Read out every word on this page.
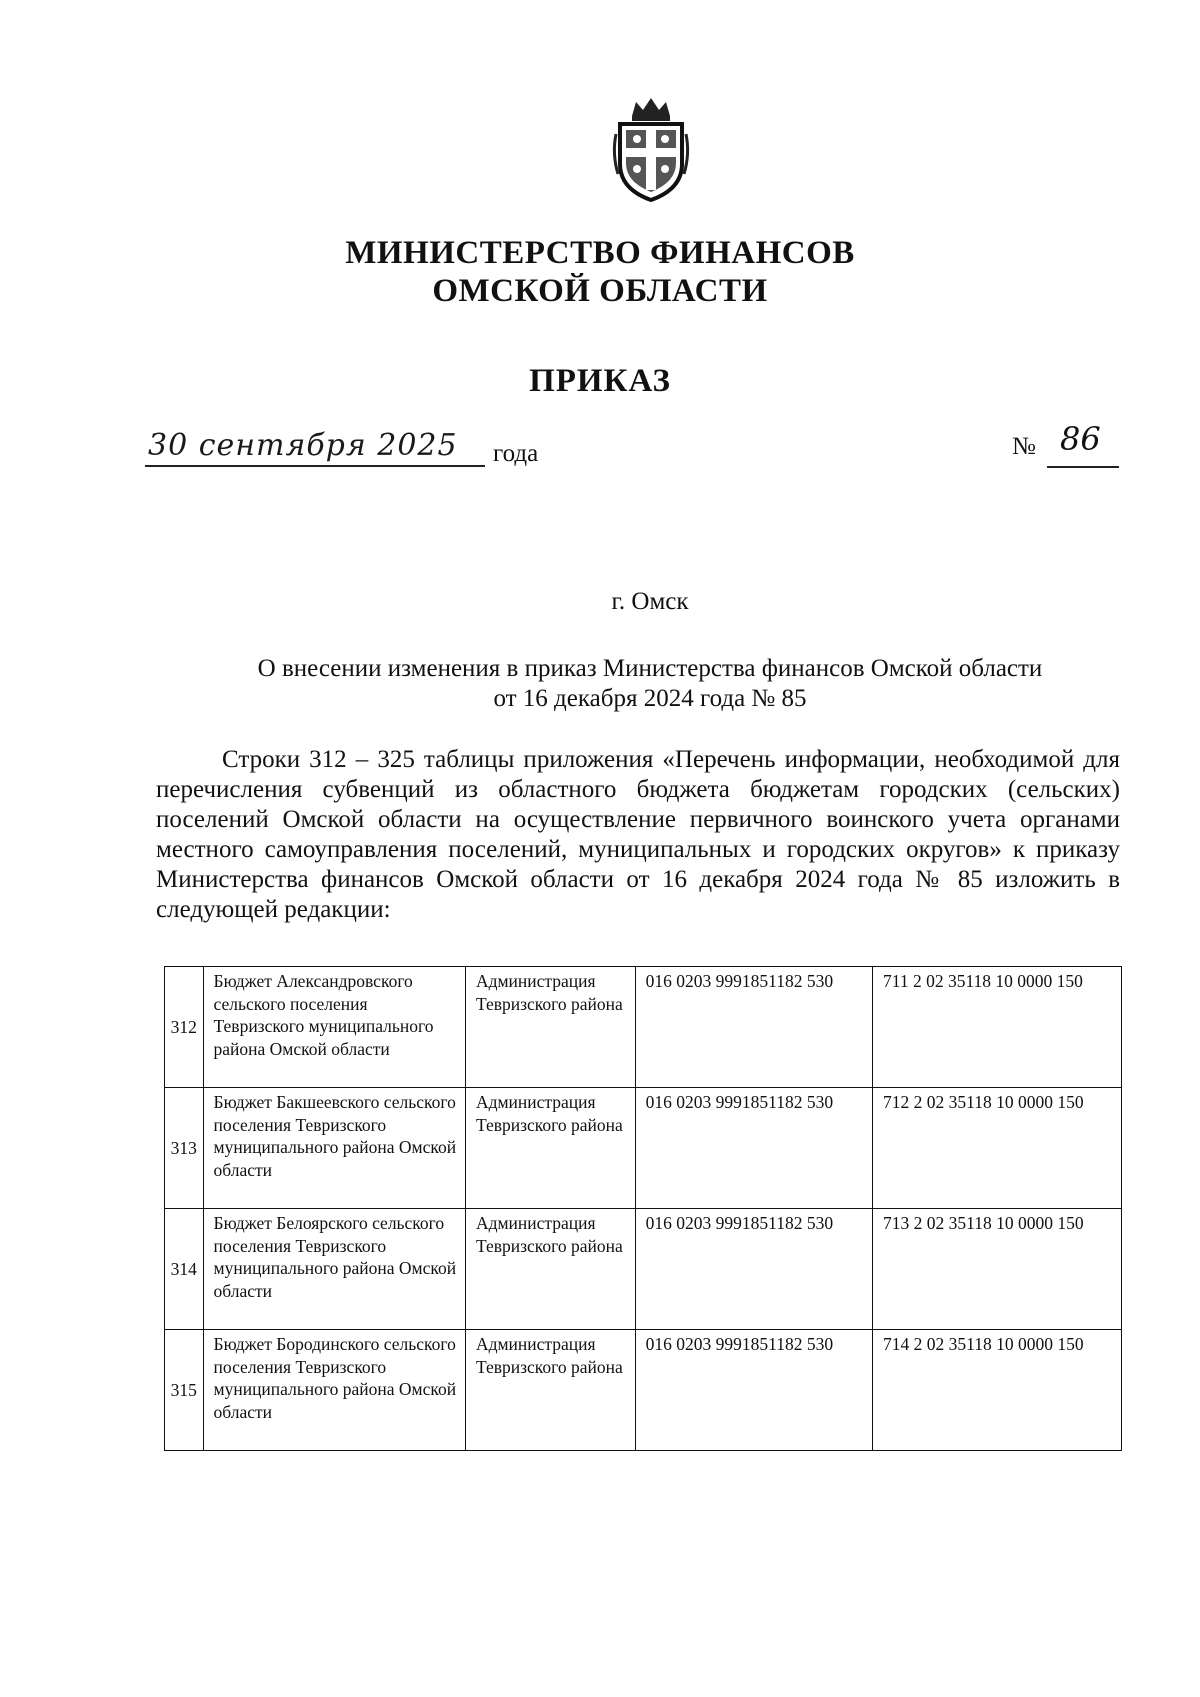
МИНИСТЕРСТВО ФИНАНСОВ
ОМСКОЙ ОБЛАСТИ
ПРИКАЗ
30 сентября 2025 года	№ 86
г. Омск
О внесении изменения в приказ Министерства финансов Омской области
от 16 декабря 2024 года № 85
Строки 312 – 325 таблицы приложения «Перечень информации, необходимой для перечисления субвенций из областного бюджета бюджетам городских (сельских) поселений Омской области на осуществление первичного воинского учета органами местного самоуправления поселений, муниципальных и городских округов» к приказу Министерства финансов Омской области от 16 декабря 2024 года № 85 изложить в следующей редакции:
312	Бюджет Александровского сельского поселения Тевризского муниципального района Омской области	Администрация Тевризского района	016 0203 9991851182 530	711 2 02 35118 10 0000 150
313	Бюджет Бакшеевского сельского поселения Тевризского муниципального района Омской области	Администрация Тевризского района	016 0203 9991851182 530	712 2 02 35118 10 0000 150
314	Бюджет Белоярского сельского поселения Тевризского муниципального района Омской области	Администрация Тевризского района	016 0203 9991851182 530	713 2 02 35118 10 0000 150
315	Бюджет Бородинского сельского поселения Тевризского муниципального района Омской области	Администрация Тевризского района	016 0203 9991851182 530	714 2 02 35118 10 0000 150
